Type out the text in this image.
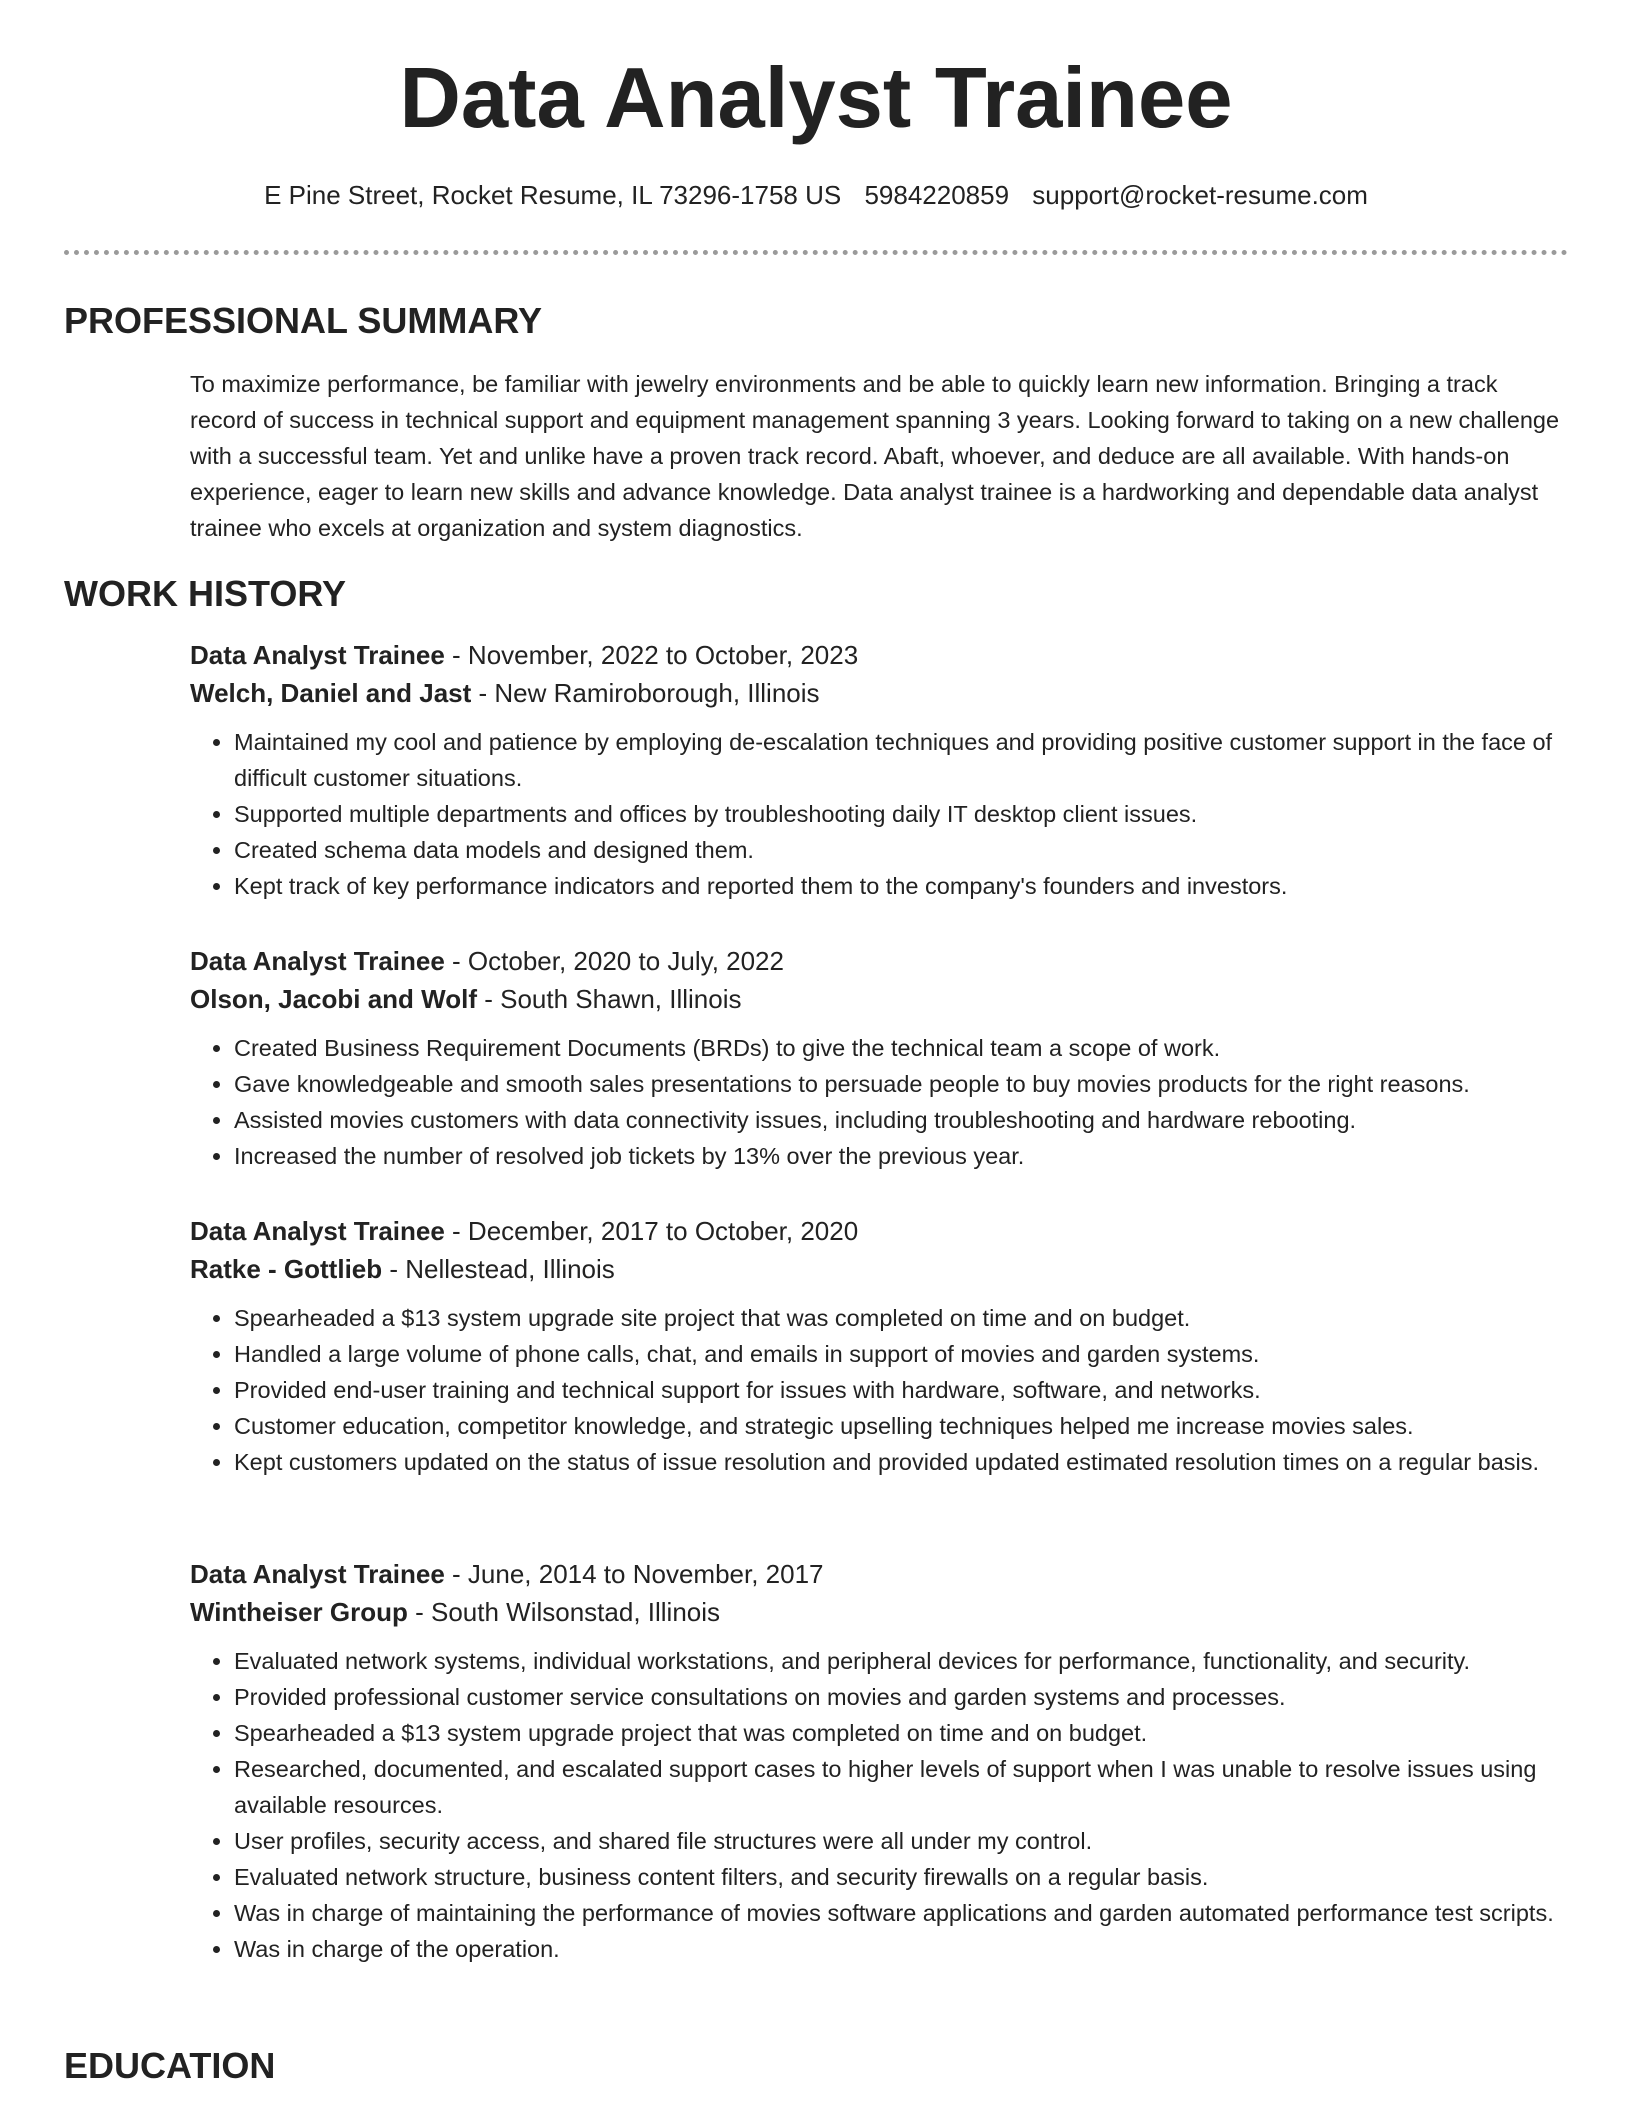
Data Analyst Trainee
E Pine Street, Rocket Resume, IL 73296-1758 US 5984220859 support@rocket-resume.com
PROFESSIONAL SUMMARY
To maximize performance, be familiar with jewelry environments and be able to quickly learn new information. Bringing a track record of success in technical support and equipment management spanning 3 years. Looking forward to taking on a new challenge with a successful team. Yet and unlike have a proven track record. Abaft, whoever, and deduce are all available. With hands-on experience, eager to learn new skills and advance knowledge. Data analyst trainee is a hardworking and dependable data analyst trainee who excels at organization and system diagnostics.
WORK HISTORY
Data Analyst Trainee - November, 2022 to October, 2023
Welch, Daniel and Jast - New Ramiroborough, Illinois
• Maintained my cool and patience by employing de-escalation techniques and providing positive customer support in the face of difficult customer situations.
• Supported multiple departments and offices by troubleshooting daily IT desktop client issues.
• Created schema data models and designed them.
• Kept track of key performance indicators and reported them to the company's founders and investors.
Data Analyst Trainee - October, 2020 to July, 2022
Olson, Jacobi and Wolf - South Shawn, Illinois
• Created Business Requirement Documents (BRDs) to give the technical team a scope of work.
• Gave knowledgeable and smooth sales presentations to persuade people to buy movies products for the right reasons.
• Assisted movies customers with data connectivity issues, including troubleshooting and hardware rebooting.
• Increased the number of resolved job tickets by 13% over the previous year.
Data Analyst Trainee - December, 2017 to October, 2020
Ratke - Gottlieb - Nellestead, Illinois
• Spearheaded a $13 system upgrade site project that was completed on time and on budget.
• Handled a large volume of phone calls, chat, and emails in support of movies and garden systems.
• Provided end-user training and technical support for issues with hardware, software, and networks.
• Customer education, competitor knowledge, and strategic upselling techniques helped me increase movies sales.
• Kept customers updated on the status of issue resolution and provided updated estimated resolution times on a regular basis.
Data Analyst Trainee - June, 2014 to November, 2017
Wintheiser Group - South Wilsonstad, Illinois
• Evaluated network systems, individual workstations, and peripheral devices for performance, functionality, and security.
• Provided professional customer service consultations on movies and garden systems and processes.
• Spearheaded a $13 system upgrade project that was completed on time and on budget.
• Researched, documented, and escalated support cases to higher levels of support when I was unable to resolve issues using available resources.
• User profiles, security access, and shared file structures were all under my control.
• Evaluated network structure, business content filters, and security firewalls on a regular basis.
• Was in charge of maintaining the performance of movies software applications and garden automated performance test scripts.
• Was in charge of the operation.
EDUCATION
